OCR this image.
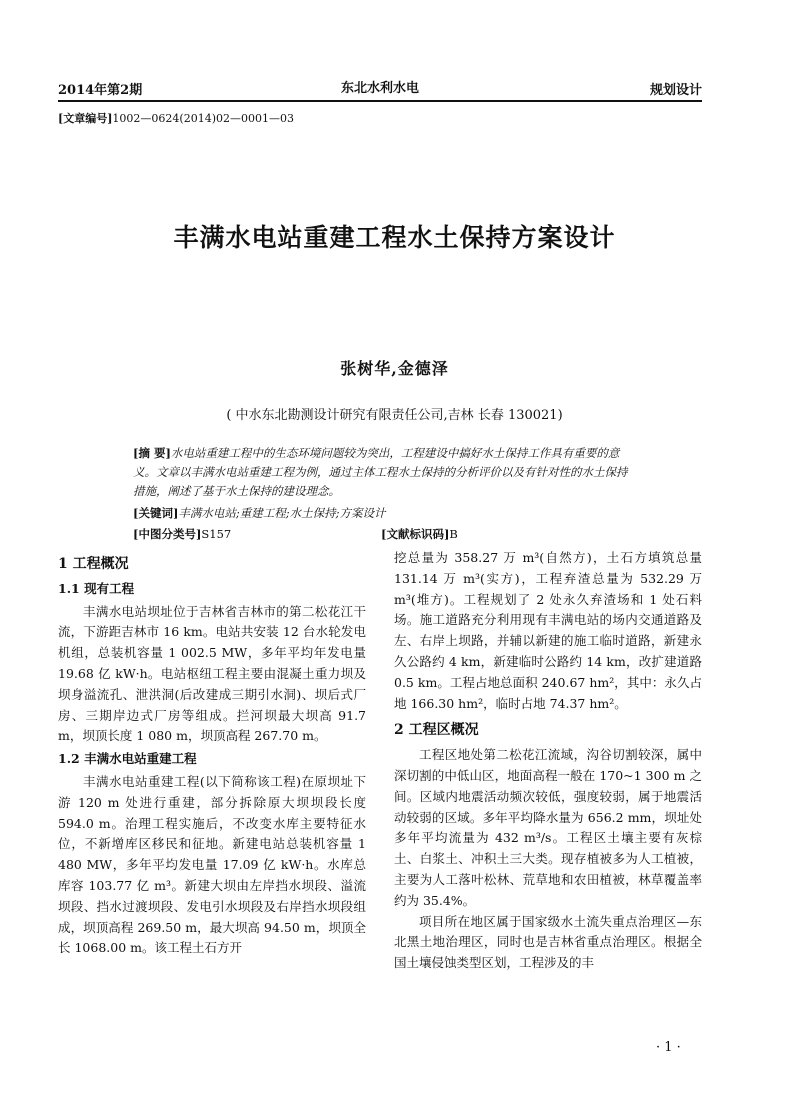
2014年第2期	东北水利水电	规划设计
[文章编号]1002—0624(2014)02—0001—03
丰满水电站重建工程水土保持方案设计
张树华,金德泽
( 中水东北勘测设计研究有限责任公司,吉林 长春 130021)
[摘 要]水电站重建工程中的生态环境问题较为突出，工程建设中搞好水土保持工作具有重要的意义。文章以丰满水电站重建工程为例，通过主体工程水土保持的分析评价以及有针对性的水土保持措施，阐述了基于水土保持的建设理念。
[关键词]丰满水电站;重建工程;水土保持;方案设计
[中图分类号]S157	[文献标识码]B
1 工程概况
1.1 现有工程

丰满水电站坝址位于吉林省吉林市的第二松花江干流，下游距吉林市 16 km。电站共安装 12 台水轮发电机组，总装机容量 1 002.5 MW，多年平均年发电量 19.68 亿 kW·h。电站枢纽工程主要由混凝土重力坝及坝身溢流孔、泄洪洞(后改建成三期引水洞)、坝后式厂房、三期岸边式厂房等组成。拦河坝最大坝高 91.7 m，坝顶长度 1 080 m，坝顶高程 267.70 m。

1.2 丰满水电站重建工程

丰满水电站重建工程(以下简称该工程)在原坝址下游 120 m 处进行重建，部分拆除原大坝坝段长度 594.0 m。治理工程实施后，不改变水库主要特征水位，不新增库区移民和征地。新建电站总装机容量 1 480 MW，多年平均发电量 17.09 亿 kW·h。水库总库容 103.77 亿 m³。新建大坝由左岸挡水坝段、溢流坝段、挡水过渡坝段、发电引水坝段及右岸挡水坝段组成，坝顶高程 269.50 m，最大坝高 94.50 m，坝顶全长 1068.00 m。该工程土石方开

挖总量为 358.27 万 m³(自然方)，土石方填筑总量 131.14 万 m³(实方)，工程弃渣总量为 532.29 万 m³(堆方)。工程规划了 2 处永久弃渣场和 1 处石料场。施工道路充分利用现有丰满电站的场内交通道路及左、右岸上坝路，并辅以新建的施工临时道路，新建永久公路约 4 km，新建临时公路约 14 km，改扩建道路 0.5 km。工程占地总面积 240.67 hm²，其中：永久占地 166.30 hm²，临时占地 74.37 hm²。

2 工程区概况

工程区地处第二松花江流域，沟谷切割较深，属中深切割的中低山区，地面高程一般在 170~1 300 m 之间。区域内地震活动频次较低，强度较弱，属于地震活动较弱的区域。多年平均降水量为 656.2 mm，坝址处多年平均流量为 432 m³/s。工程区土壤主要有灰棕土、白浆土、冲积土三大类。现存植被多为人工植被，主要为人工落叶松林、荒草地和农田植被，林草覆盖率约为 35.4%。

项目所在地区属于国家级水土流失重点治理区—东北黑土地治理区，同时也是吉林省重点治理区。根据全国土壤侵蚀类型区划，工程涉及的丰

· 1 ·
